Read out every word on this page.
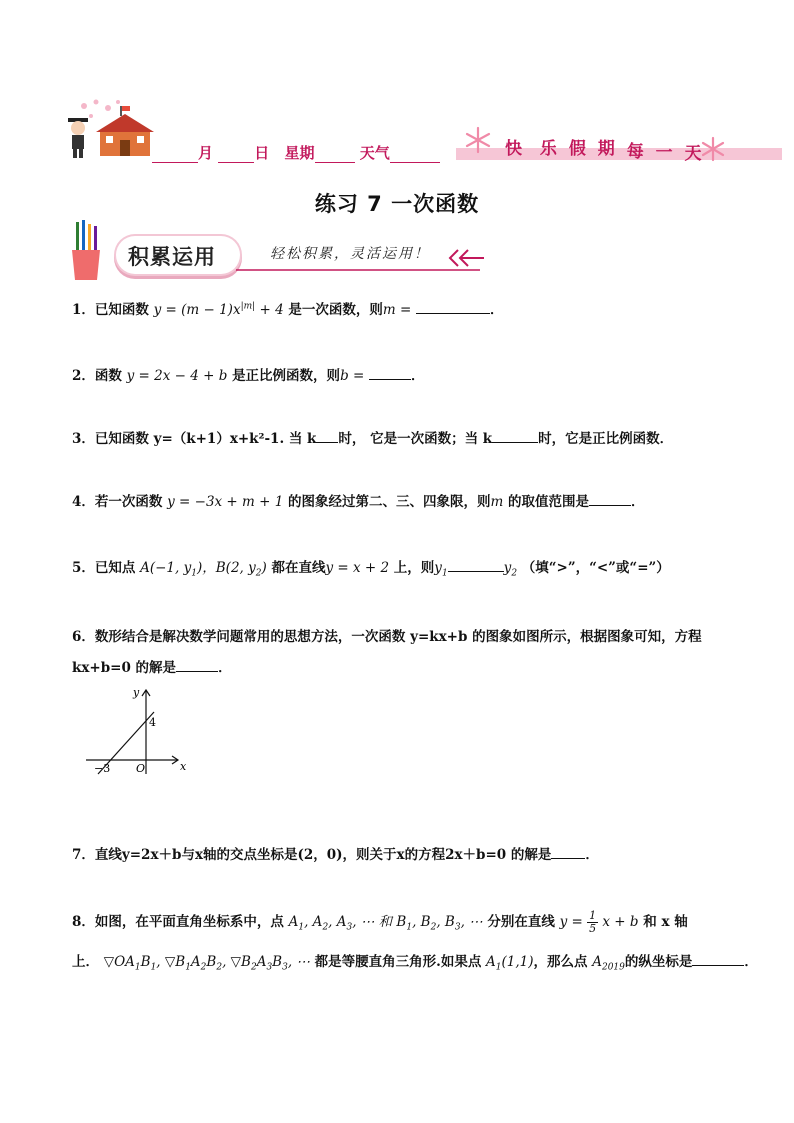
月	日 星期	天气	快 乐 假 期 每 一 天
练习 7 一次函数
积累运用	轻松积累，灵活运用！
1．已知函数 $y = (m - 1)x^{|m|} + 4$ 是一次函数，则m =	．
2．函数 y = 2x − 4 + b 是正比例函数，则b =	．
3．已知函数 y=（k+1）x+k²-1. 当 k 时， 它是一次函数；当 k	时，它是正比例函数．
4．若一次函数 y = −3x + m + 1 的图象经过第二、三、四象限，则m 的取值范围是	．
5．已知点 A(−1, $y_1$)，B(2, $y_2$) 都在直线y = x + 2 上，则$y_1$	$y_2$ （填“>”，“<”或“=”）
6．数形结合是解决数学问题常用的思想方法，一次函数 y=kx+b 的图象如图所示，根据图象可知，方程
kx+b=0 的解是	．
y
x
O
−3
4
7．直线y=2x＋b与x轴的交点坐标是(2，0)，则关于x的方程2x＋b=0 的解是	．
8．如图，在平面直角坐标系中，点 $A_1$, $A_2$, $A_3$, ⋯ 和 $B_1$, $B_2$, $B_3$, ⋯ 分别在直线 $y = \frac{1}{5}$ x + b 和 x 轴
上． $▽OA_1B_1$, $▽B_1A_2B_2$, $▽B_2A_3B_3$, ⋯ 都是等腰直角三角形.如果点 $A_1(1,1)$，那么点 $A_{2019}$的纵坐标是	．
